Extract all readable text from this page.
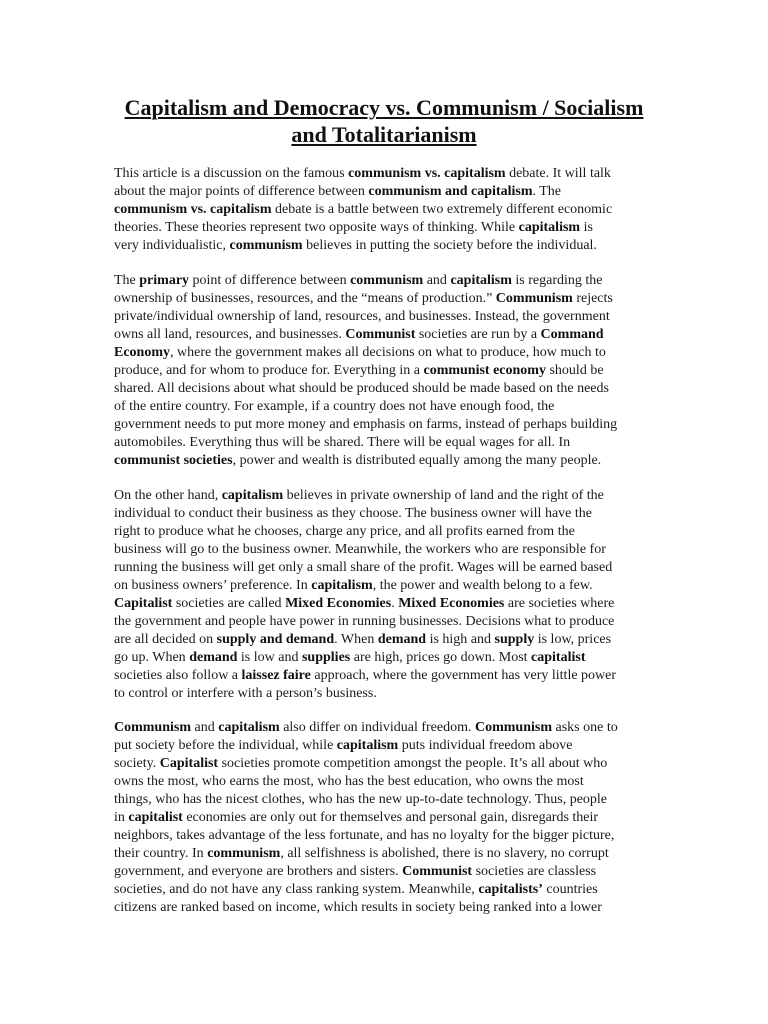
Capitalism and Democracy vs. Communism / Socialism
and Totalitarianism
This article is a discussion on the famous communism vs. capitalism debate. It will talk
about the major points of difference between communism and capitalism. The
communism vs. capitalism debate is a battle between two extremely different economic
theories. These theories represent two opposite ways of thinking. While capitalism is
very individualistic, communism believes in putting the society before the individual.
The primary point of difference between communism and capitalism is regarding the
ownership of businesses, resources, and the “means of production.” Communism rejects
private/individual ownership of land, resources, and businesses. Instead, the government
owns all land, resources, and businesses. Communist societies are run by a Command
Economy, where the government makes all decisions on what to produce, how much to
produce, and for whom to produce for. Everything in a communist economy should be
shared. All decisions about what should be produced should be made based on the needs
of the entire country. For example, if a country does not have enough food, the
government needs to put more money and emphasis on farms, instead of perhaps building
automobiles. Everything thus will be shared. There will be equal wages for all. In
communist societies, power and wealth is distributed equally among the many people.
On the other hand, capitalism believes in private ownership of land and the right of the
individual to conduct their business as they choose. The business owner will have the
right to produce what he chooses, charge any price, and all profits earned from the
business will go to the business owner. Meanwhile, the workers who are responsible for
running the business will get only a small share of the profit. Wages will be earned based
on business owners’ preference. In capitalism, the power and wealth belong to a few.
Capitalist societies are called Mixed Economies. Mixed Economies are societies where
the government and people have power in running businesses. Decisions what to produce
are all decided on supply and demand. When demand is high and supply is low, prices
go up. When demand is low and supplies are high, prices go down. Most capitalist
societies also follow a laissez faire approach, where the government has very little power
to control or interfere with a person’s business.
Communism and capitalism also differ on individual freedom. Communism asks one to
put society before the individual, while capitalism puts individual freedom above
society. Capitalist societies promote competition amongst the people. It’s all about who
owns the most, who earns the most, who has the best education, who owns the most
things, who has the nicest clothes, who has the new up-to-date technology. Thus, people
in capitalist economies are only out for themselves and personal gain, disregards their
neighbors, takes advantage of the less fortunate, and has no loyalty for the bigger picture,
their country. In communism, all selfishness is abolished, there is no slavery, no corrupt
government, and everyone are brothers and sisters. Communist societies are classless
societies, and do not have any class ranking system. Meanwhile, capitalists’ countries
citizens are ranked based on income, which results in society being ranked into a lower
